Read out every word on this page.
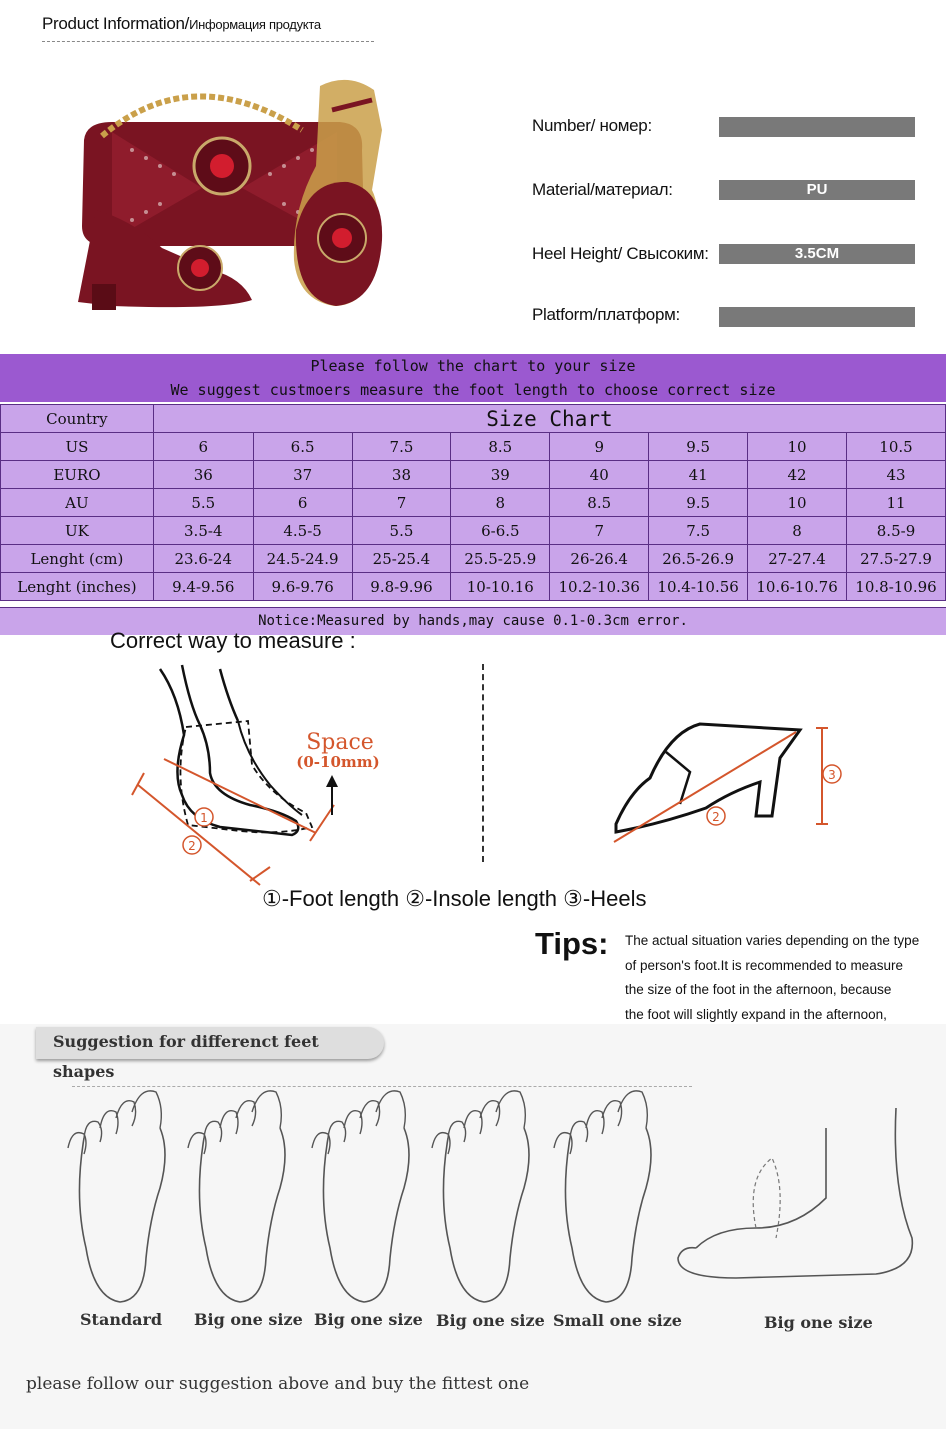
Product Information/Информация продукта
Number/ номер:
Material/материал:	PU
Heel Height/ Свысоким:	3.5CM
Platform/платформ:
Please follow the chart to your size
We suggest custmoers measure the foot length to choose correct size
Country	Size Chart							
US	6	6.5	7.5	8.5	9	9.5	10	10.5
EURO	36	37	38	39	40	41	42	43
AU	5.5	6	7	8	8.5	9.5	10	11
UK	3.5-4	4.5-5	5.5	6-6.5	7	7.5	8	8.5-9
Lenght (cm)	23.6-24	24.5-24.9	25-25.4	25.5-25.9	26-26.4	26.5-26.9	27-27.4	27.5-27.9
Lenght (inches)	9.4-9.56	9.6-9.76	9.8-9.96	10-10.16	10.2-10.36	10.4-10.56	10.6-10.76	10.8-10.96
Notice:Measured by hands,may cause 0.1-0.3cm error.
Correct way to measure :
1
2
Space
(0-10mm)
2
3
①-Foot length ②-Insole length ③-Heels
Tips: The actual situation varies depending on the type
of person's foot.It is recommended to measure
the size of the foot in the afternoon, because
the foot will slightly expand in the afternoon,
Suggestion for differenct feet shapes
Standard Big one size Big one size Big one size Small one size	Big one size
please follow our suggestion above and buy the fittest one
